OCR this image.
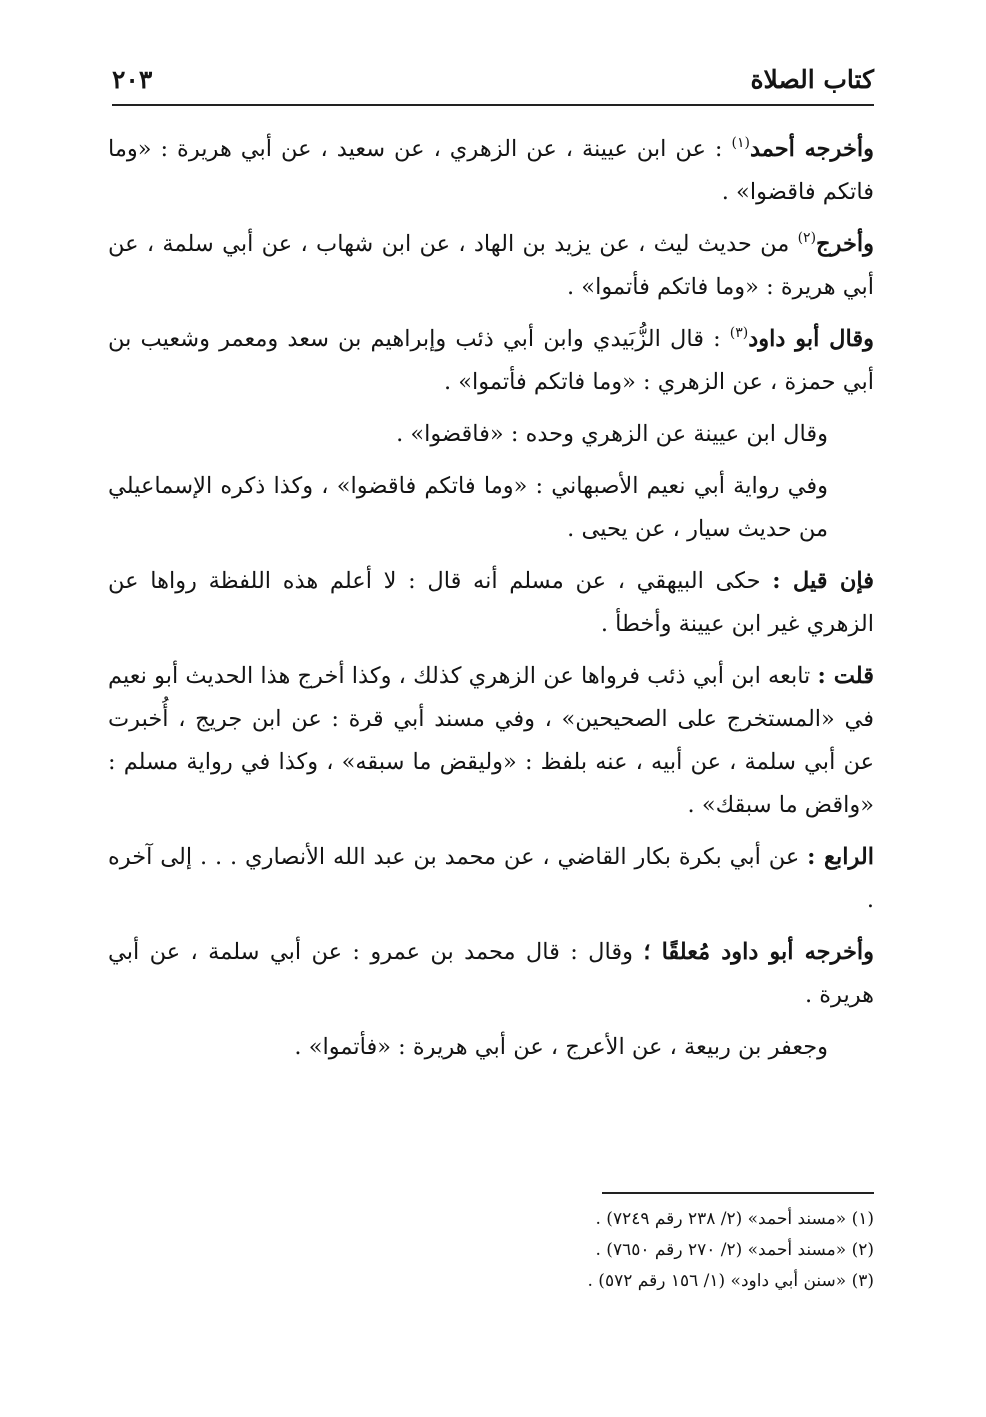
كتاب الصلاة
٢٠٣

وأخرجه أحمد$^{(١)}$ : عن ابن عيينة ، عن الزهري ، عن سعيد ، عن أبي هريرة : «وما فاتكم فاقضوا» .

وأخرج$^{(٢)}$ من حديث ليث ، عن يزيد بن الهاد ، عن ابن شهاب ، عن أبي سلمة ، عن أبي هريرة : «وما فاتكم فأتموا» .

وقال أبو داود$^{(٣)}$ : قال الزُّبَيدي وابن أبي ذئب وإبراهيم بن سعد ومعمر وشعيب بن أبي حمزة ، عن الزهري : «وما فاتكم فأتموا» .

وقال ابن عيينة عن الزهري وحده : «فاقضوا» .

وفي رواية أبي نعيم الأصبهاني : «وما فاتكم فاقضوا» ، وكذا ذكره الإسماعيلي من حديث سيار ، عن يحيى .

فإن قيل : حكى البيهقي ، عن مسلم أنه قال : لا أعلم هذه اللفظة رواها عن الزهري غير ابن عيينة وأخطأ .

قلت : تابعه ابن أبي ذئب فرواها عن الزهري كذلك ، وكذا أخرج هذا الحديث أبو نعيم في «المستخرج على الصحيحين» ، وفي مسند أبي قرة : عن ابن جريج ، أُخبرت عن أبي سلمة ، عن أبيه ، عنه بلفظ : «وليقض ما سبقه» ، وكذا في رواية مسلم : «واقض ما سبقك» .

الرابع : عن أبي بكرة بكار القاضي ، عن محمد بن عبد الله الأنصاري . . . إلى آخره .

وأخرجه أبو داود مُعلقًا ؛ وقال : قال محمد بن عمرو : عن أبي سلمة ، عن أبي هريرة .

وجعفر بن ربيعة ، عن الأعرج ، عن أبي هريرة : «فأتموا» .

(١) «مسند أحمد» (٢/ ٢٣٨ رقم ٧٢٤٩) .

(٢) «مسند أحمد» (٢/ ٢٧٠ رقم ٧٦٥٠) .

(٣) «سنن أبي داود» (١/ ١٥٦ رقم ٥٧٢) .
